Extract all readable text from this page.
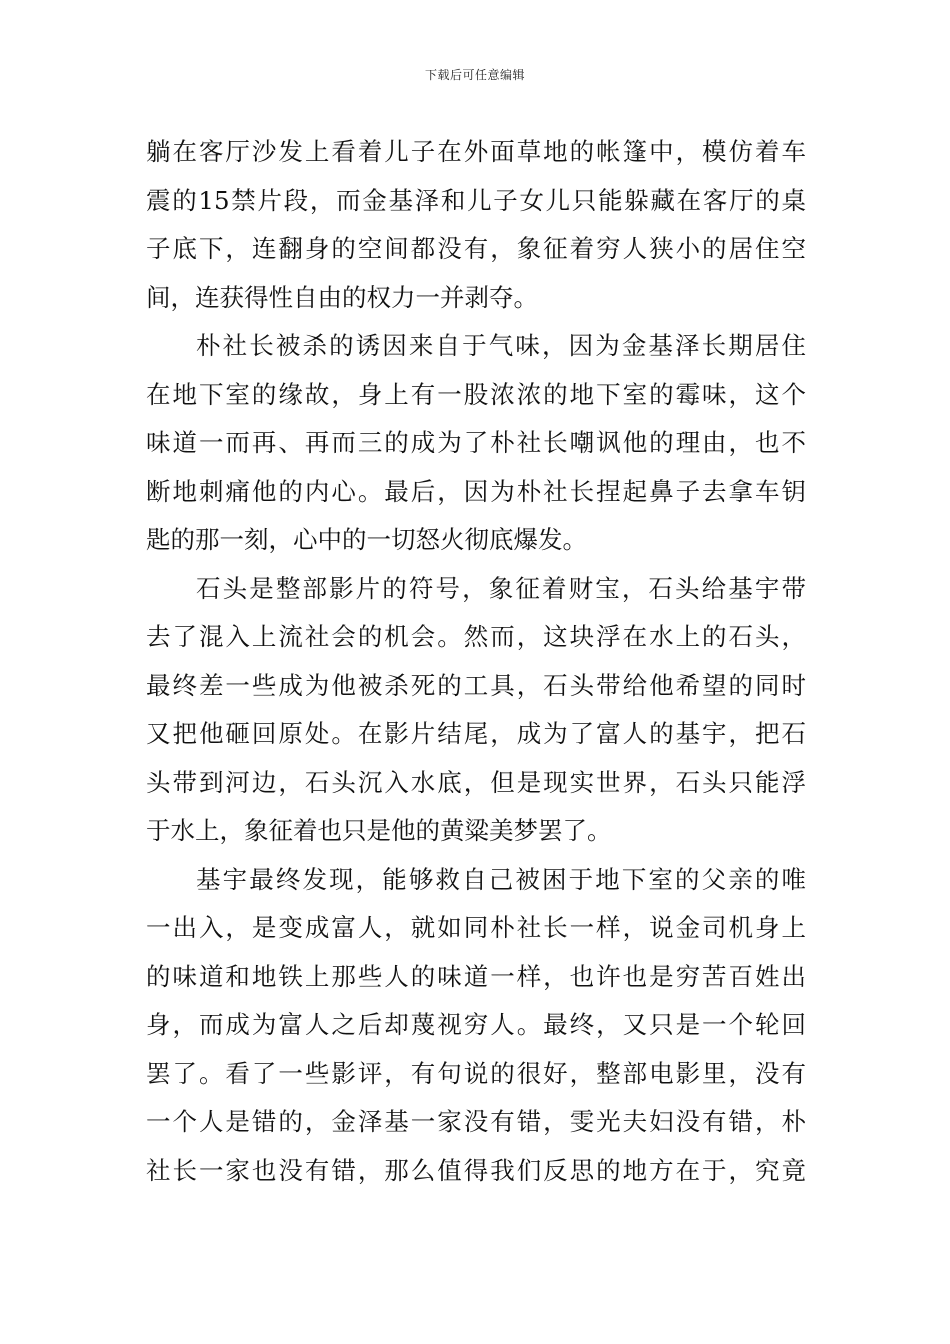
下载后可任意编辑
躺在客厅沙发上看着儿子在外面草地的帐篷中，模仿着车
震的15禁片段，而金基泽和儿子女儿只能躲藏在客厅的桌
子底下，连翻身的空间都没有，象征着穷人狭小的居住空
间，连获得性自由的权力一并剥夺。
朴社长被杀的诱因来自于气味，因为金基泽长期居住
在地下室的缘故，身上有一股浓浓的地下室的霉味，这个
味道一而再、再而三的成为了朴社长嘲讽他的理由，也不
断地刺痛他的内心。最后，因为朴社长捏起鼻子去拿车钥
匙的那一刻，心中的一切怒火彻底爆发。
石头是整部影片的符号，象征着财宝，石头给基宇带
去了混入上流社会的机会。然而，这块浮在水上的石头，
最终差一些成为他被杀死的工具，石头带给他希望的同时
又把他砸回原处。在影片结尾，成为了富人的基宇，把石
头带到河边，石头沉入水底，但是现实世界，石头只能浮
于水上，象征着也只是他的黄粱美梦罢了。
基宇最终发现，能够救自己被困于地下室的父亲的唯
一出入，是变成富人，就如同朴社长一样，说金司机身上
的味道和地铁上那些人的味道一样，也许也是穷苦百姓出
身，而成为富人之后却蔑视穷人。最终，又只是一个轮回
罢了。看了一些影评，有句说的很好，整部电影里，没有
一个人是错的，金泽基一家没有错，雯光夫妇没有错，朴
社长一家也没有错，那么值得我们反思的地方在于，究竟
